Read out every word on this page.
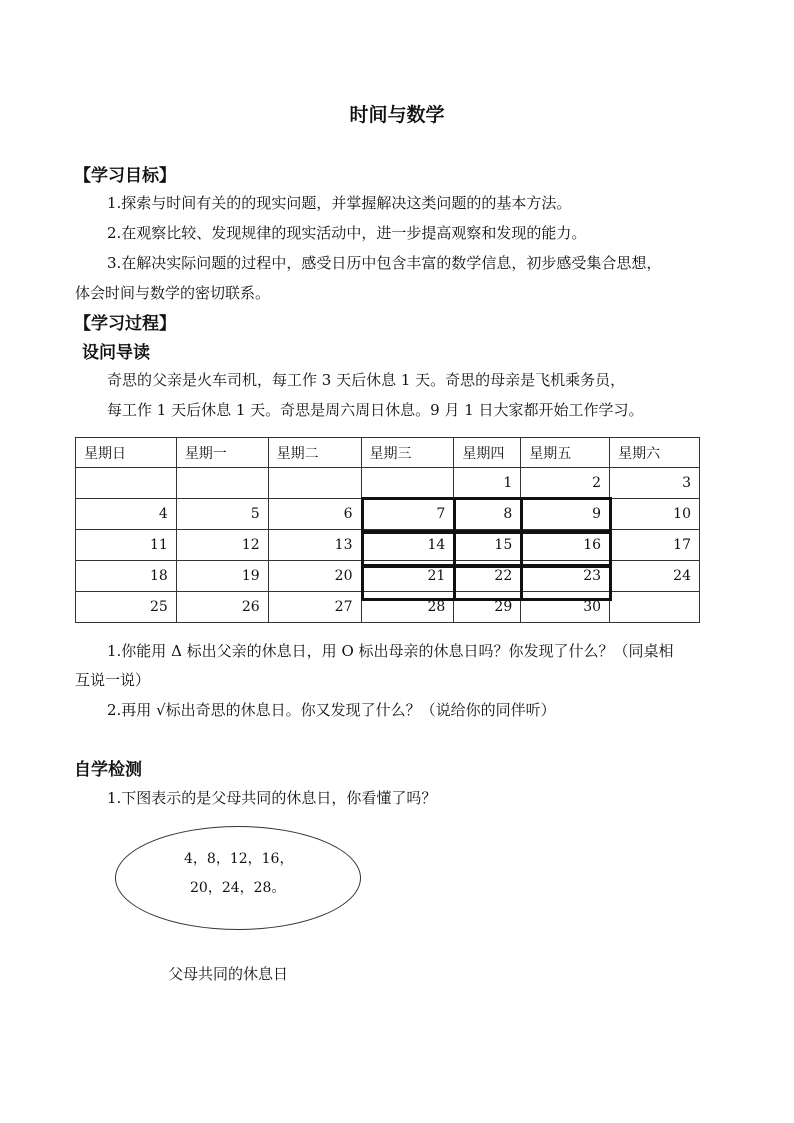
时间与数学
【学习目标】
1.探索与时间有关的的现实问题，并掌握解决这类问题的的基本方法。
2.在观察比较、发现规律的现实活动中，进一步提高观察和发现的能力。
3.在解决实际问题的过程中，感受日历中包含丰富的数学信息，初步感受集合思想，
体会时间与数学的密切联系。
【学习过程】
设问导读
奇思的父亲是火车司机，每工作 3 天后休息 1 天。奇思的母亲是飞机乘务员，
每工作 1 天后休息 1 天。奇思是周六周日休息。9 月 1 日大家都开始工作学习。
星期日	星期一	星期二	星期三	星期四	星期五	星期六
				1	2	3
4	5	6	7	8	9	10
11	12	13	14	15	16	17
18	19	20	21	22	23	24
25	26	27	28	29	30	
1.你能用 Δ 标出父亲的休息日，用 O 标出母亲的休息日吗？你发现了什么？（同桌相
互说一说）
2.再用 √标出奇思的休息日。你又发现了什么？（说给你的同伴听）
自学检测
1.下图表示的是父母共同的休息日，你看懂了吗？
4，8，12，16，
20，24，28。
父母共同的休息日
